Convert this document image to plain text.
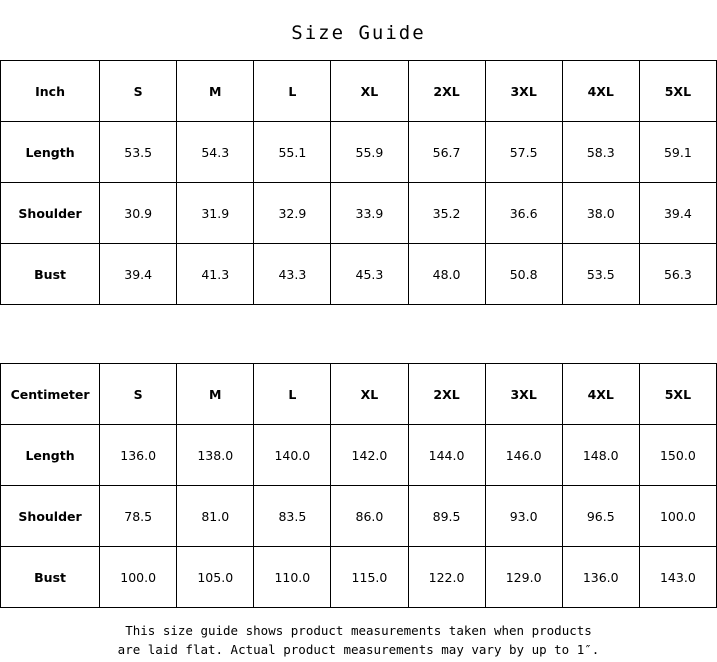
Size Guide
Inch	S	M	L	XL	2XL	3XL	4XL	5XL
Length	53.5	54.3	55.1	55.9	56.7	57.5	58.3	59.1
Shoulder	30.9	31.9	32.9	33.9	35.2	36.6	38.0	39.4
Bust	39.4	41.3	43.3	45.3	48.0	50.8	53.5	56.3
Centimeter	S	M	L	XL	2XL	3XL	4XL	5XL
Length	136.0	138.0	140.0	142.0	144.0	146.0	148.0	150.0
Shoulder	78.5	81.0	83.5	86.0	89.5	93.0	96.5	100.0
Bust	100.0	105.0	110.0	115.0	122.0	129.0	136.0	143.0
This size guide shows product measurements taken when products
are laid flat. Actual product measurements may vary by up to 1″.
